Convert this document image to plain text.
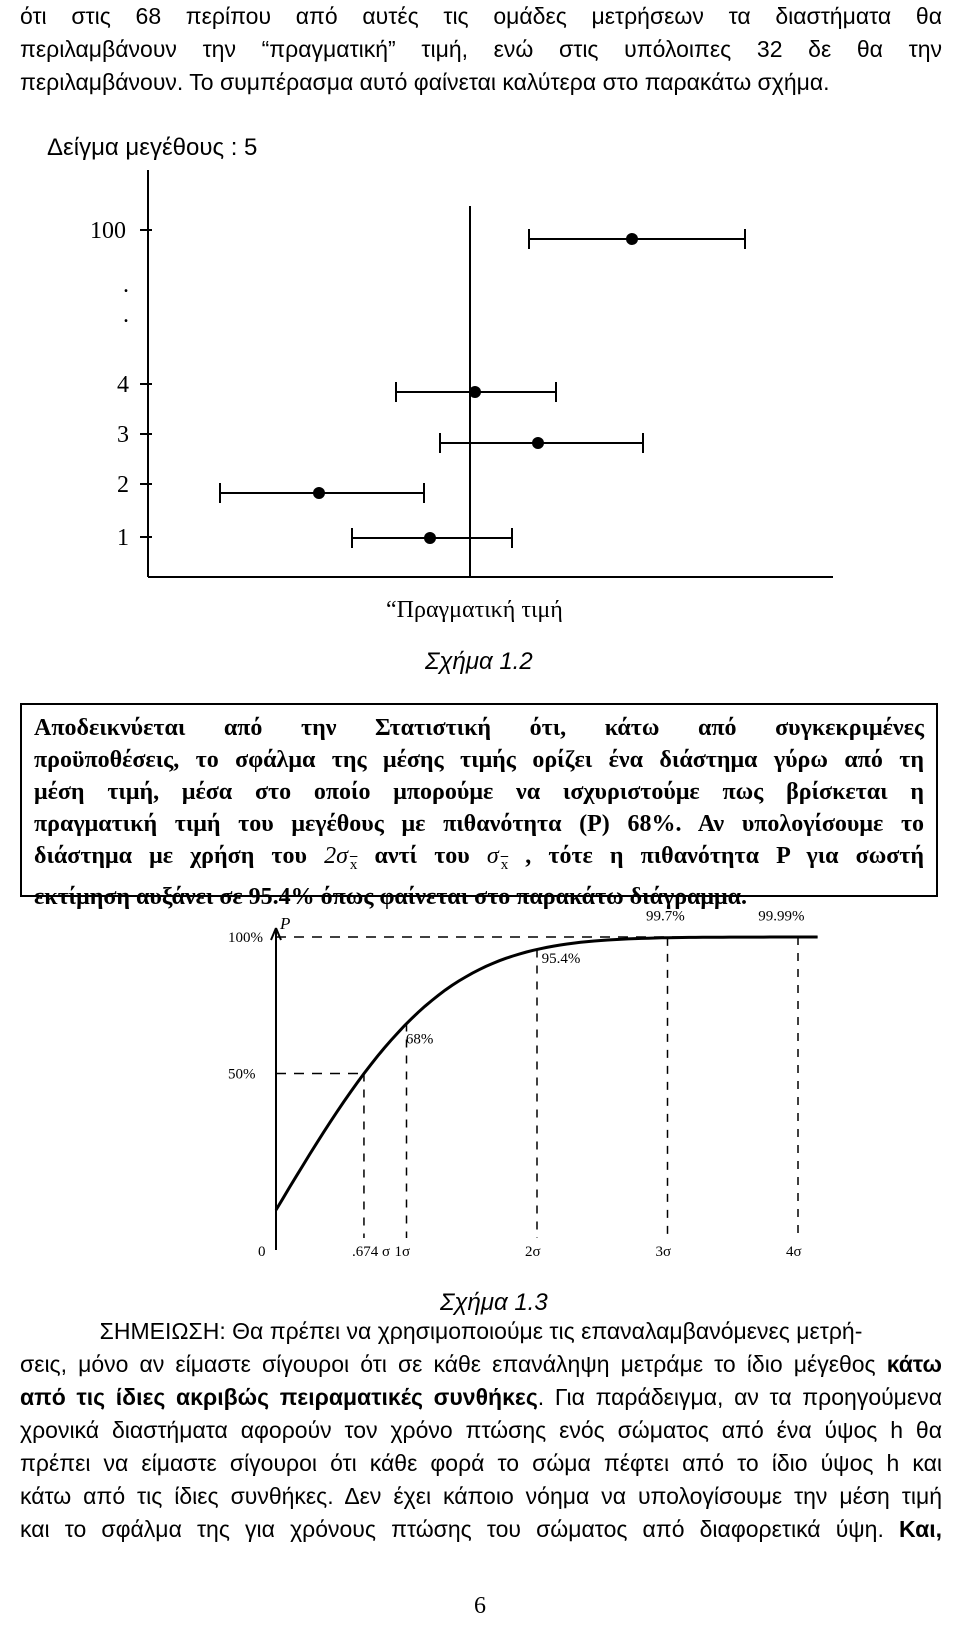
ότι στις 68 περίπου από αυτές τις ομάδες μετρήσεων τα διαστήματα θα
περιλαμβάνουν την “πραγματική” τιμή, ενώ στις υπόλοιπες 32 δε θα την
περιλαμβάνουν. Το συμπέρασμα αυτό φαίνεται καλύτερα στο παρακάτω σχήμα.
Δείγμα μεγέθους : 5
100
.
.
4
3
2
1
“Πραγματική τιμή
Σχήμα 1.2
Αποδεικνύεται από την Στατιστική ότι, κάτω από συγκεκριμένες
προϋποθέσεις, το σφάλμα της μέσης τιμής ορίζει ένα διάστημα γύρω από τη
μέση τιμή, μέσα στο οποίο μπορούμε να ισχυριστούμε πως βρίσκεται η
πραγματική τιμή του μεγέθους με πιθανότητα (P) 68%. Αν υπολογίσουμε το
διάστημα με χρήση του 2σ $_{\overline{x}}$ αντί του σ $_{\overline{x}}$ , τότε η πιθανότητα P για σωστή
εκτίμηση αυξάνει σε 95.4% όπως φαίνεται στο παρακάτω διάγραμμα.
P
50%
100%
0	.674 σ 1σ	2σ	3σ	4σ
68%
95.4%
99.7%	99.99%
Σχήμα 1.3
ΣΗΜΕΙΩΣΗ: Θα πρέπει να χρησιμοποιούμε τις επαναλαμβανόμενες μετρή-
σεις, μόνο αν είμαστε σίγουροι ότι σε κάθε επανάληψη μετράμε το ίδιο μέγεθος κάτω
από τις ίδιες ακριβώς πειραματικές συνθήκες. Για παράδειγμα, αν τα προηγούμενα
χρονικά διαστήματα αφορούν τον χρόνο πτώσης ενός σώματος από ένα ύψος h θα
πρέπει να είμαστε σίγουροι ότι κάθε φορά το σώμα πέφτει από το ίδιο ύψος h και
κάτω από τις ίδιες συνθήκες. Δεν έχει κάποιο νόημα να υπολογίσουμε την μέση τιμή
και το σφάλμα της για χρόνους πτώσης του σώματος από διαφορετικά ύψη. Και,
6
